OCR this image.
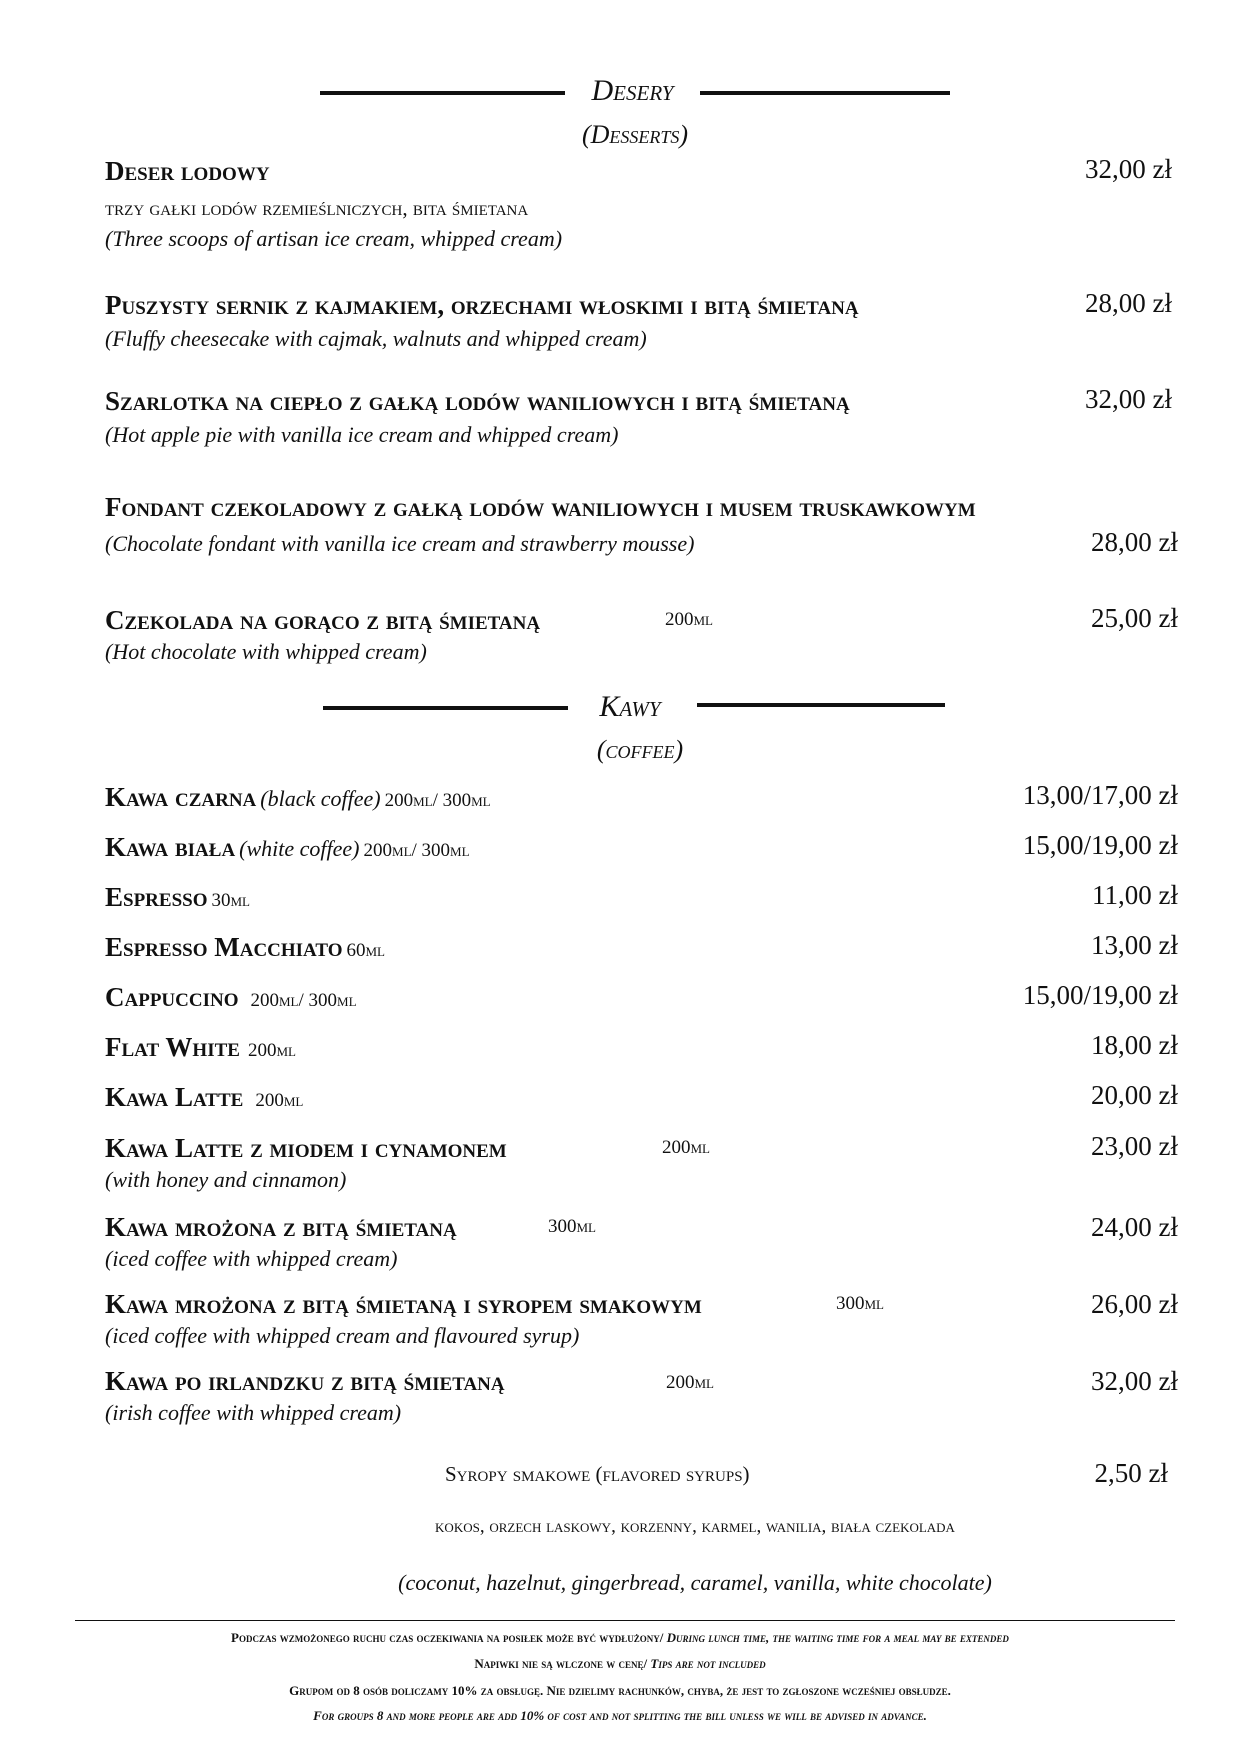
Desery
(Desserts)
Deser lodowy	32,00 zł
trzy gałki lodów rzemieślniczych, bita śmietana
(Three scoops of artisan ice cream, whipped cream)
Puszysty sernik z kajmakiem, orzechami włoskimi i bitą śmietaną	28,00 zł
(Fluffy cheesecake with cajmak, walnuts and whipped cream)
Szarlotka na ciepło z gałką lodów waniliowych i bitą śmietaną	32,00 zł
(Hot apple pie with vanilla ice cream and whipped cream)
Fondant czekoladowy z gałką lodów waniliowych i musem truskawkowym
(Chocolate fondant with vanilla ice cream and strawberry mousse)	28,00 zł
Czekolada na gorąco z bitą śmietaną	200ml	25,00 zł
(Hot chocolate with whipped cream)
Kawy
(coffee)
Kawa czarna (black coffee) 200ml/ 300ml	13,00/17,00 zł
Kawa biała (white coffee) 200ml/ 300ml	15,00/19,00 zł
Espresso 30ml	11,00 zł
Espresso Macchiato 60ml	13,00 zł
Cappuccino 200ml/ 300ml	15,00/19,00 zł
Flat White 200ml	18,00 zł
Kawa Latte 200ml	20,00 zł
Kawa Latte z miodem i cynamonem	200ml	23,00 zł
(with honey and cinnamon)
Kawa mrożona z bitą śmietaną	300ml	24,00 zł
(iced coffee with whipped cream)
Kawa mrożona z bitą śmietaną i syropem smakowym	300ml	26,00 zł
(iced coffee with whipped cream and flavoured syrup)
Kawa po irlandzku z bitą śmietaną	200ml	32,00 zł
(irish coffee with whipped cream)
Syropy smakowe (flavored syrups)	2,50 zł
kokos, orzech laskowy, korzenny, karmel, wanilia, biała czekolada
(coconut, hazelnut, gingerbread, caramel, vanilla, white chocolate)
Podczas wzmożonego ruchu czas oczekiwania na posiłek może być wydłużony/ During lunch time, the waiting time for a meal may be extended
Napiwki nie są wlczone w cenę/ Tips are not included
Grupom od 8 osób doliczamy 10% za obsługę. Nie dzielimy rachunków, chyba, że jest to zgłoszone wcześniej obsłudze.
For groups 8 and more people are add 10% of cost and not splitting the bill unless we will be advised in advance.
